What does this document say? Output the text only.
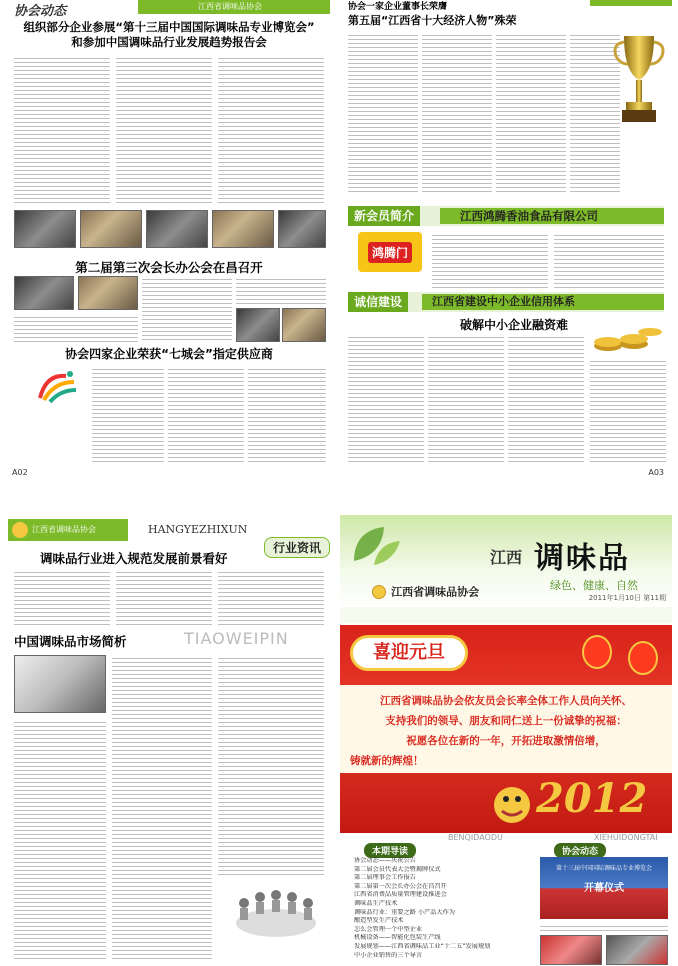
协会动态	江西省调味品协会
组织部分企业参展“第十三届中国国际调味品专业博览会”
和参加中国调味品行业发展趋势报告会
第二届第三次会长办公会在昌召开
协会四家企业荣获“七城会”指定供应商
A02
协会一家企业董事长荣膺
第五届“江西省十大经济人物”殊荣
新会员简介	江西鸿腾香油食品有限公司
鸿腾门
诚信建设	江西省建设中小企业信用体系
破解中小企业融资难
A03
江西省调味品协会	HANGYEZHIXUN
行业资讯
调味品行业进入规范发展前景看好
中国调味品市场简析	TIAOWEIPIN
江西 调味品
绿色、健康、自然
江西省调味品协会	2011年1月10日 第11期
喜迎元旦
江西省调味品协会依友员会长率全体工作人员向关怀、
支持我们的领导、朋友和同仁送上一份诚挚的祝福：
祝愿各位在新的一年，开拓进取激情倍增，
铸就新的辉煌！
2012
本期导读
BENQIDAODU
协会动态——庆祝公告
第二届会员代表大会暨揭牌仪式
第二届理事会工作报告
第二届第一次会长办公会在昌召开
江西省消费品质量管理建设推进会
调味品生产技术
调味品行业：重要之路 小产品大作为
酿造型发生产技术
怎么会管理一个中型企业
机械设备——智能化包装生产线
发展规划——江西省调味品工业“十二五”发展规划
中小企业销售的三个导言
协会动态
XIEHUIDONGTAI
第十三届中国国际调味品专业博览会
开幕仪式
